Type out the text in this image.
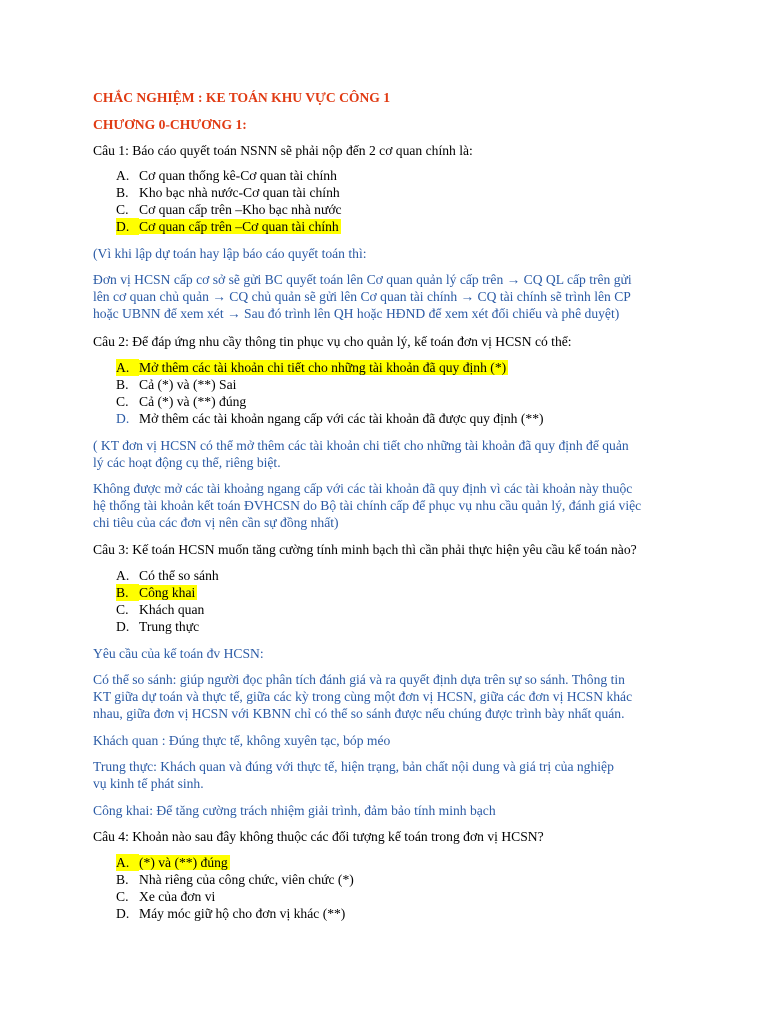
CHẮC NGHIỆM : KE TOÁN KHU VỰC CÔNG 1
CHƯƠNG 0-CHƯƠNG 1:
Câu 1: Báo cáo quyết toán NSNN sẽ phải nộp đến 2 cơ quan chính là:
A. Cơ quan thống kê-Cơ quan tài chính
B. Kho bạc nhà nước-Cơ quan tài chính
C. Cơ quan cấp trên –Kho bạc nhà nước
D. Cơ quan cấp trên –Cơ quan tài chính
(Vì khi lập dự toán hay lập báo cáo quyết toán thì:
Đơn vị HCSN cấp cơ sở sẽ gửi BC quyết toán lên Cơ quan quản lý cấp trên → CQ QL cấp trên gửi
lên cơ quan chủ quản → CQ chủ quản sẽ gửi lên Cơ quan tài chính → CQ tài chính sẽ trình lên CP
hoặc UBNN để xem xét → Sau đó trình lên QH hoặc HĐND để xem xét đối chiếu và phê duyệt)
Câu 2: Để đáp ứng nhu cầy thông tin phục vụ cho quản lý, kế toán đơn vị HCSN có thể:
A. Mở thêm các tài khoản chi tiết cho những tài khoản đã quy định (*)
B. Cả (*) và (**) Sai
C. Cả (*) và (**) đúng
D. Mở thêm các tài khoản ngang cấp với các tài khoản đã được quy định (**)
( KT đơn vị HCSN có thể mở thêm các tài khoản chi tiết cho những tài khoản đã quy định để quản
lý các hoạt động cụ thể, riêng biệt.
Không được mở các tài khoảng ngang cấp với các tài khoản đã quy định vì các tài khoản này thuộc
hệ thống tài khoản kết toán ĐVHCSN do Bộ tài chính cấp để phục vụ nhu cầu quản lý, đánh giá việc
chi tiêu của các đơn vị nên cần sự đồng nhất)
Câu 3: Kế toán HCSN muốn tăng cường tính minh bạch thì cần phải thực hiện yêu cầu kế toán nào?
A. Có thể so sánh
B. Công khai
C. Khách quan
D. Trung thực
Yêu cầu của kế toán đv HCSN:
Có thể so sánh: giúp người đọc phân tích đánh giá và ra quyết định dựa trên sự so sánh. Thông tin
KT giữa dự toán và thực tế, giữa các kỳ trong cùng một đơn vị HCSN, giữa các đơn vị HCSN khác
nhau, giữa đơn vị HCSN với KBNN chỉ có thể so sánh được nếu chúng được trình bày nhất quán.
Khách quan : Đúng thực tế, không xuyên tạc, bóp méo
Trung thực: Khách quan và đúng với thực tế, hiện trạng, bản chất nội dung và giá trị của nghiệp
vụ kinh tế phát sinh.
Công khai: Để tăng cường trách nhiệm giải trình, đảm bảo tính minh bạch
Câu 4: Khoản nào sau đây không thuộc các đối tượng kế toán trong đơn vị HCSN?
A. (*) và (**) đúng
B. Nhà riêng của công chức, viên chức (*)
C. Xe của đơn vi
D. Máy móc giữ hộ cho đơn vị khác (**)
